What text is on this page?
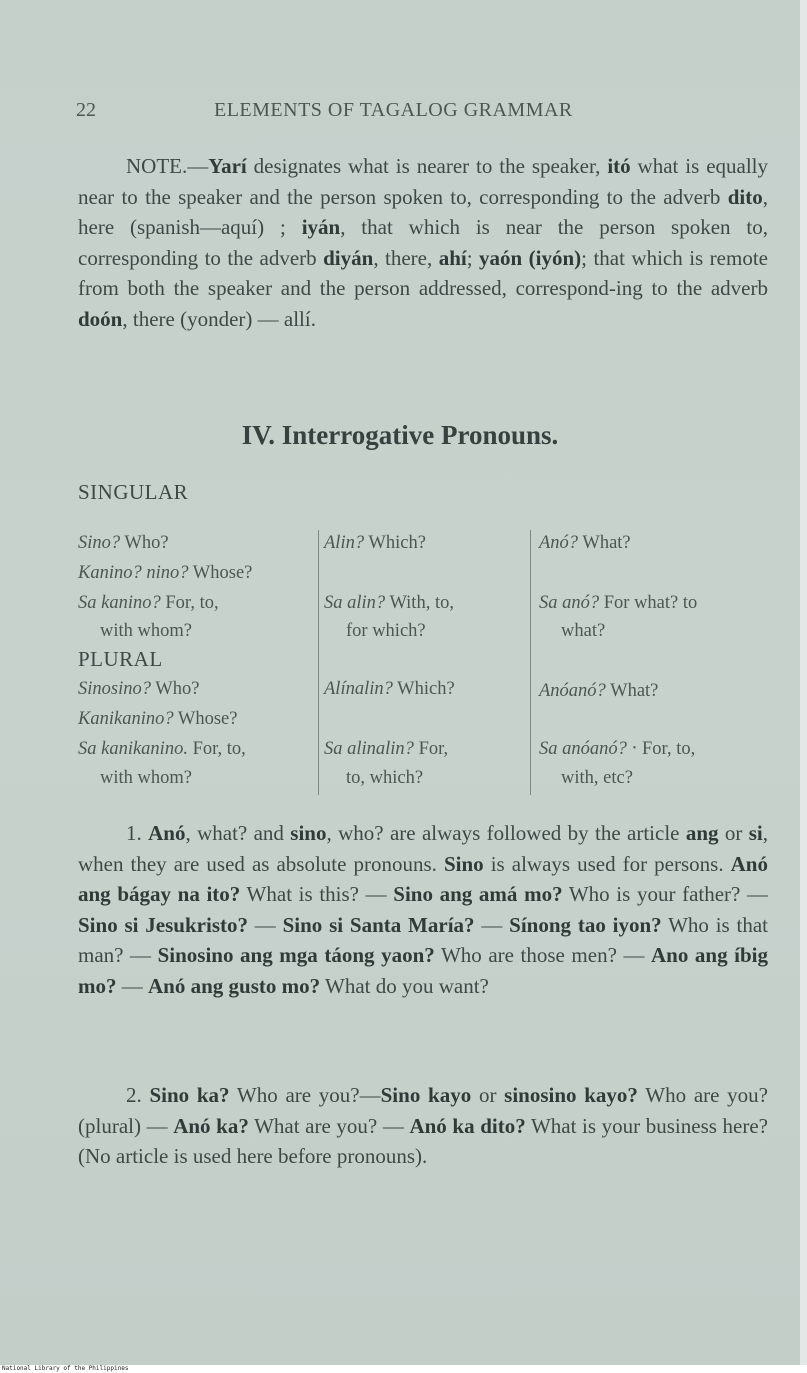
22	ELEMENTS OF TAGALOG GRAMMAR
NOTE.—Yarí designates what is nearer to the speaker, itó what is equally near to the speaker and the person spoken to, corresponding to the adverb dito, here (spanish—aquí) ; iyán, that which is near the person spoken to, corresponding to the adverb diyán, there, ahí; yaón (iyón); that which is remote from both the speaker and the person addressed, correspond-ing to the adverb doón, there (yonder) — allí.
IV. Interrogative Pronouns.
SINGULAR
Sino? Who?
Kanino? nino? Whose?
Sa kanino? For, to,
with whom?
PLURAL
Sinosino? Who?
Kanikanino? Whose?
Sa kanikanino. For, to,
with whom?
Alin? Which?
Sa alin? With, to,
for which?
Alínalin? Which?
Sa alinalin? For,
to, which?
Anó? What?
Sa anó? For what? to
what?
Anóanó? What?
Sa anóanó? ‧ For, to,
with, etc?
1. Anó, what? and sino, who? are always followed by the article ang or si, when they are used as absolute pronouns. Sino is always used for persons. Anó ang bágay na ito? What is this? — Sino ang amá mo? Who is your father? — Sino si Jesukristo? — Sino si Santa María? — Sínong tao iyon? Who is that man? — Sinosino ang mga táong yaon? Who are those men? — Ano ang íbig mo? — Anó ang gusto mo? What do you want?
2. Sino ka? Who are you?—Sino kayo or sinosino kayo? Who are you? (plural) — Anó ka? What are you? — Anó ka dito? What is your business here? (No article is used here before pronouns).
National Library of the Philippines
